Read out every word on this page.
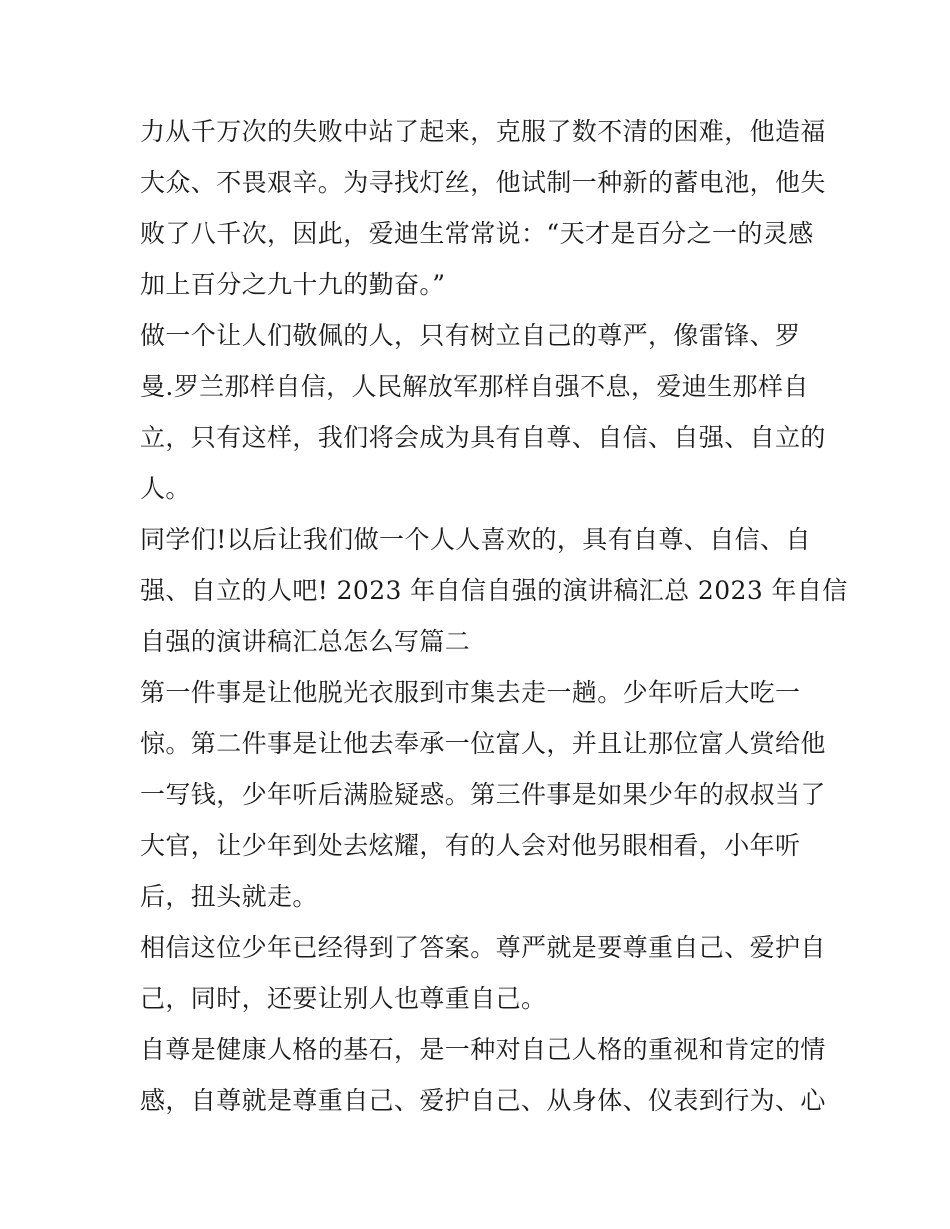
力从千万次的失败中站了起来，克服了数不清的困难，他造福
大众、不畏艰辛。为寻找灯丝，他试制一种新的蓄电池，他失
败了八千次，因此，爱迪生常常说：“天才是百分之一的灵感
加上百分之九十九的勤奋。”
做一个让人们敬佩的人，只有树立自己的尊严，像雷锋、罗
曼.罗兰那样自信，人民解放军那样自强不息，爱迪生那样自
立，只有这样，我们将会成为具有自尊、自信、自强、自立的
人。
同学们!以后让我们做一个人人喜欢的，具有自尊、自信、自
强、自立的人吧! 2023 年自信自强的演讲稿汇总 2023 年自信
自强的演讲稿汇总怎么写篇二
第一件事是让他脱光衣服到市集去走一趟。少年听后大吃一
惊。第二件事是让他去奉承一位富人，并且让那位富人赏给他
一写钱，少年听后满脸疑惑。第三件事是如果少年的叔叔当了
大官，让少年到处去炫耀，有的人会对他另眼相看，小年听
后，扭头就走。
相信这位少年已经得到了答案。尊严就是要尊重自己、爱护自
己，同时，还要让别人也尊重自己。
自尊是健康人格的基石，是一种对自己人格的重视和肯定的情
感，自尊就是尊重自己、爱护自己、从身体、仪表到行为、心
